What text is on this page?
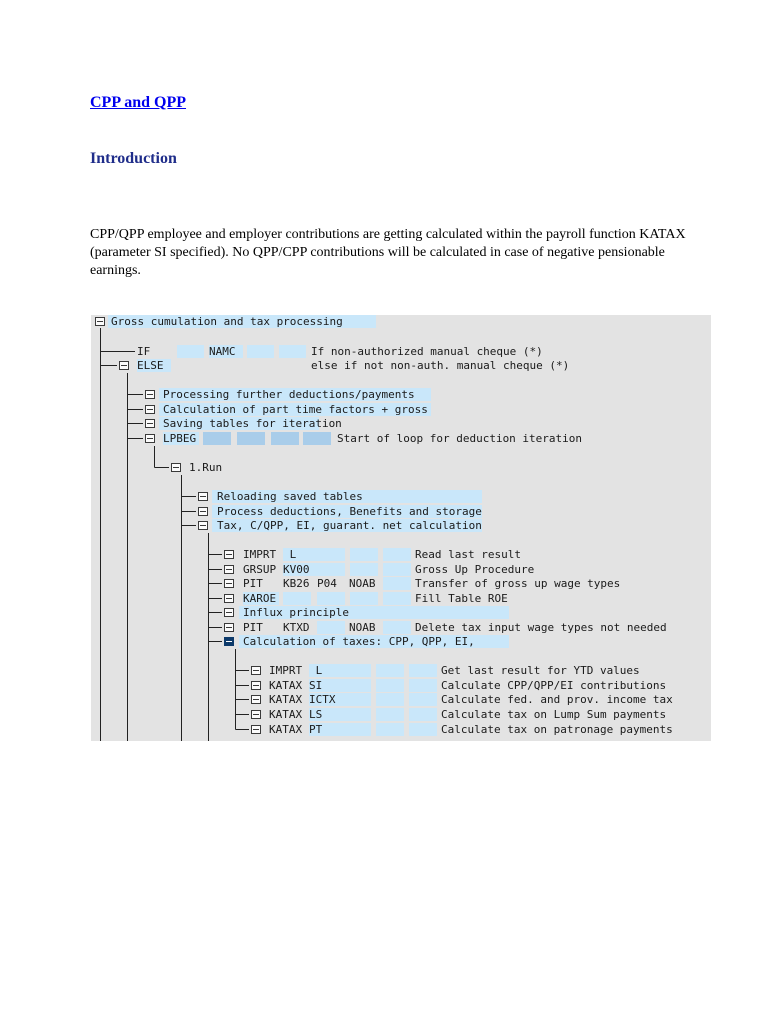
CPP and QPP
Introduction
CPP/QPP employee and employer contributions are getting calculated within the payroll function KATAX (parameter SI specified). No QPP/CPP contributions will be calculated in case of negative pensionable earnings.
Gross cumulation and tax processing
IF	NAMC	If non-authorized manual cheque (*)
ELSE	else if not non-auth. manual cheque (*)
Processing further deductions/payments
Calculation of part time factors + gross
Saving tables for iteration
LPBEG	Start of loop for deduction iteration
1.Run
Reloading saved tables
Process deductions, Benefits and storage
Tax, C/QPP, EI, guarant. net calculation
IMPRT	L	Read last result
GRSUP KV00	Gross Up Procedure
PIT KB26 P04 NOAB	Transfer of gross up wage types
KAROE	Fill Table ROE
Influx principle
PIT KTXD	NOAB	Delete tax input wage types not needed
Calculation of taxes: CPP, QPP, EI,
IMPRT	L	Get last result for YTD values
KATAX SI	Calculate CPP/QPP/EI contributions
KATAX ICTX	Calculate fed. and prov. income tax
KATAX LS	Calculate tax on Lump Sum payments
KATAX PT	Calculate tax on patronage payments
